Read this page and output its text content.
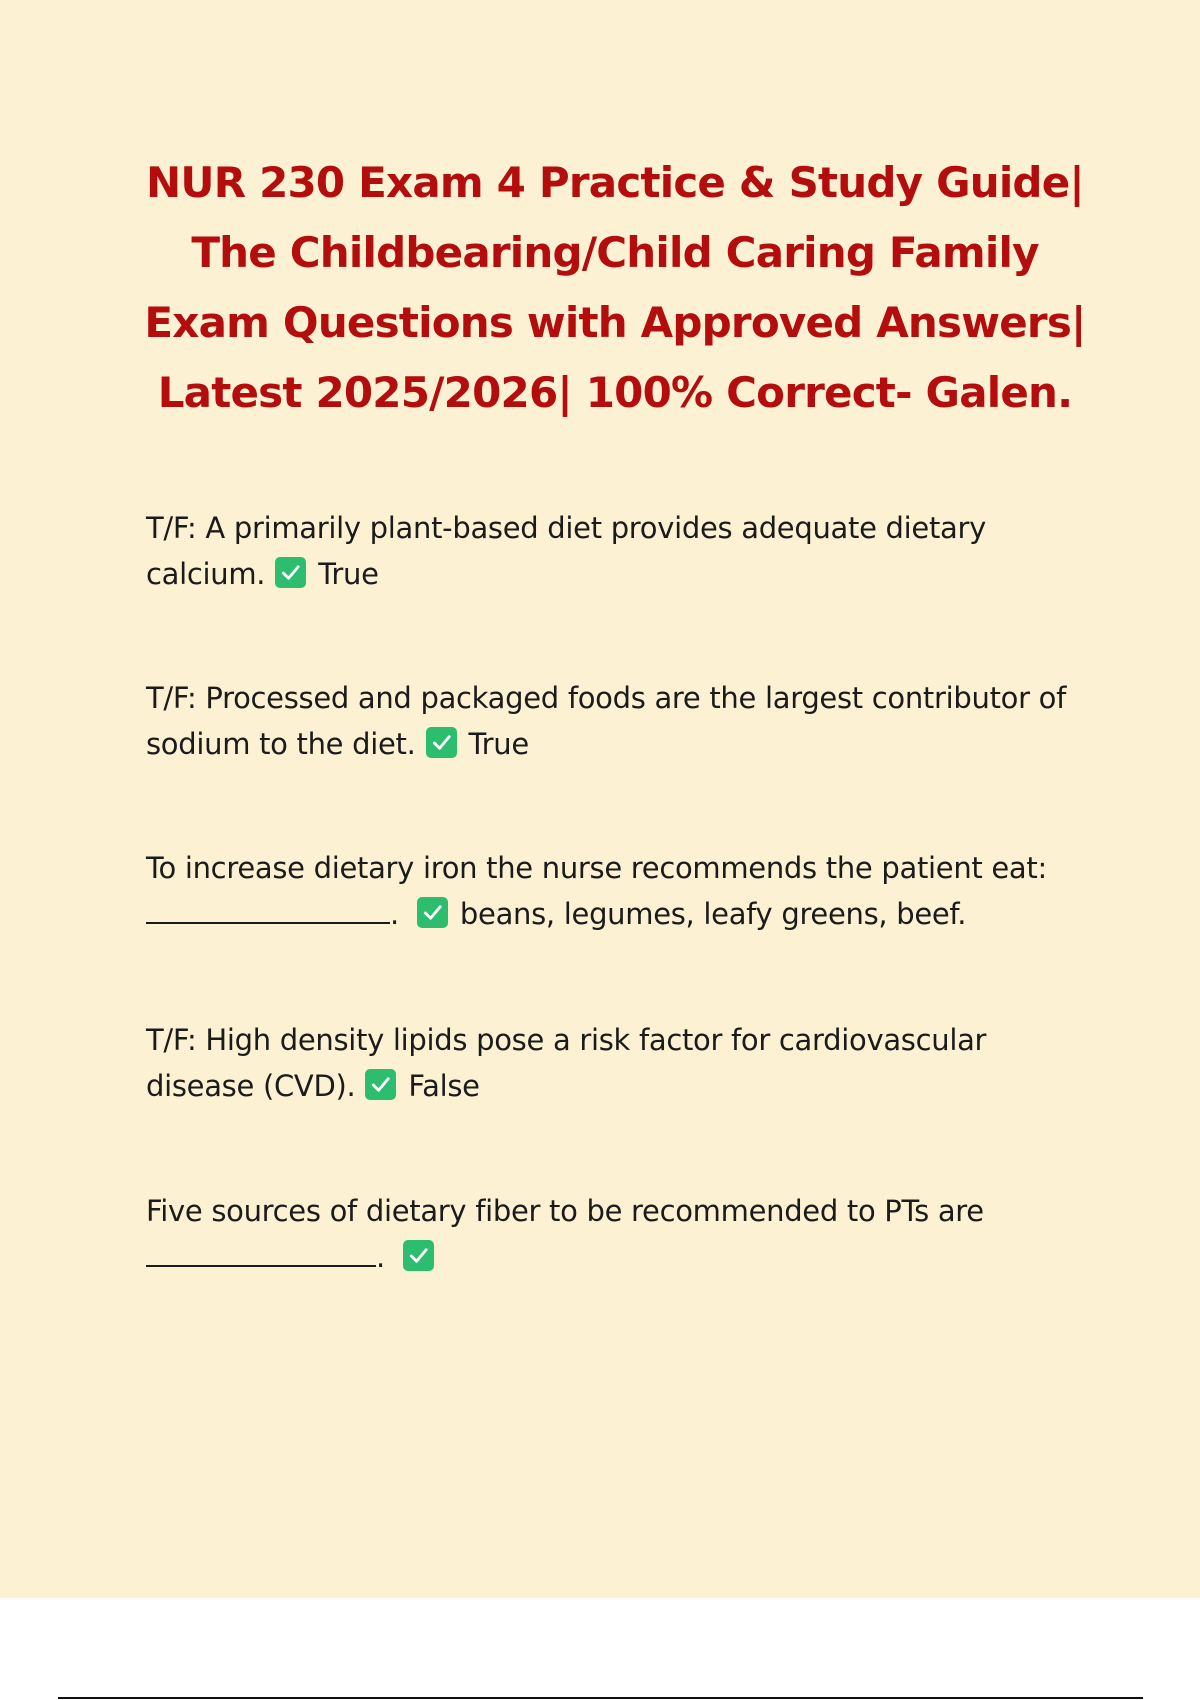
NUR 230 Exam 4 Practice & Study Guide|
The Childbearing/Child Caring Family
Exam Questions with Approved Answers|
Latest 2025/2026| 100% Correct- Galen.
T/F: A primarily plant-based diet provides adequate dietary
calcium. True
T/F: Processed and packaged foods are the largest contributor of
sodium to the diet. True
To increase dietary iron the nurse recommends the patient eat:
. beans, legumes, leafy greens, beef.
T/F: High density lipids pose a risk factor for cardiovascular
disease (CVD). False
Five sources of dietary fiber to be recommended to PTs are
.
